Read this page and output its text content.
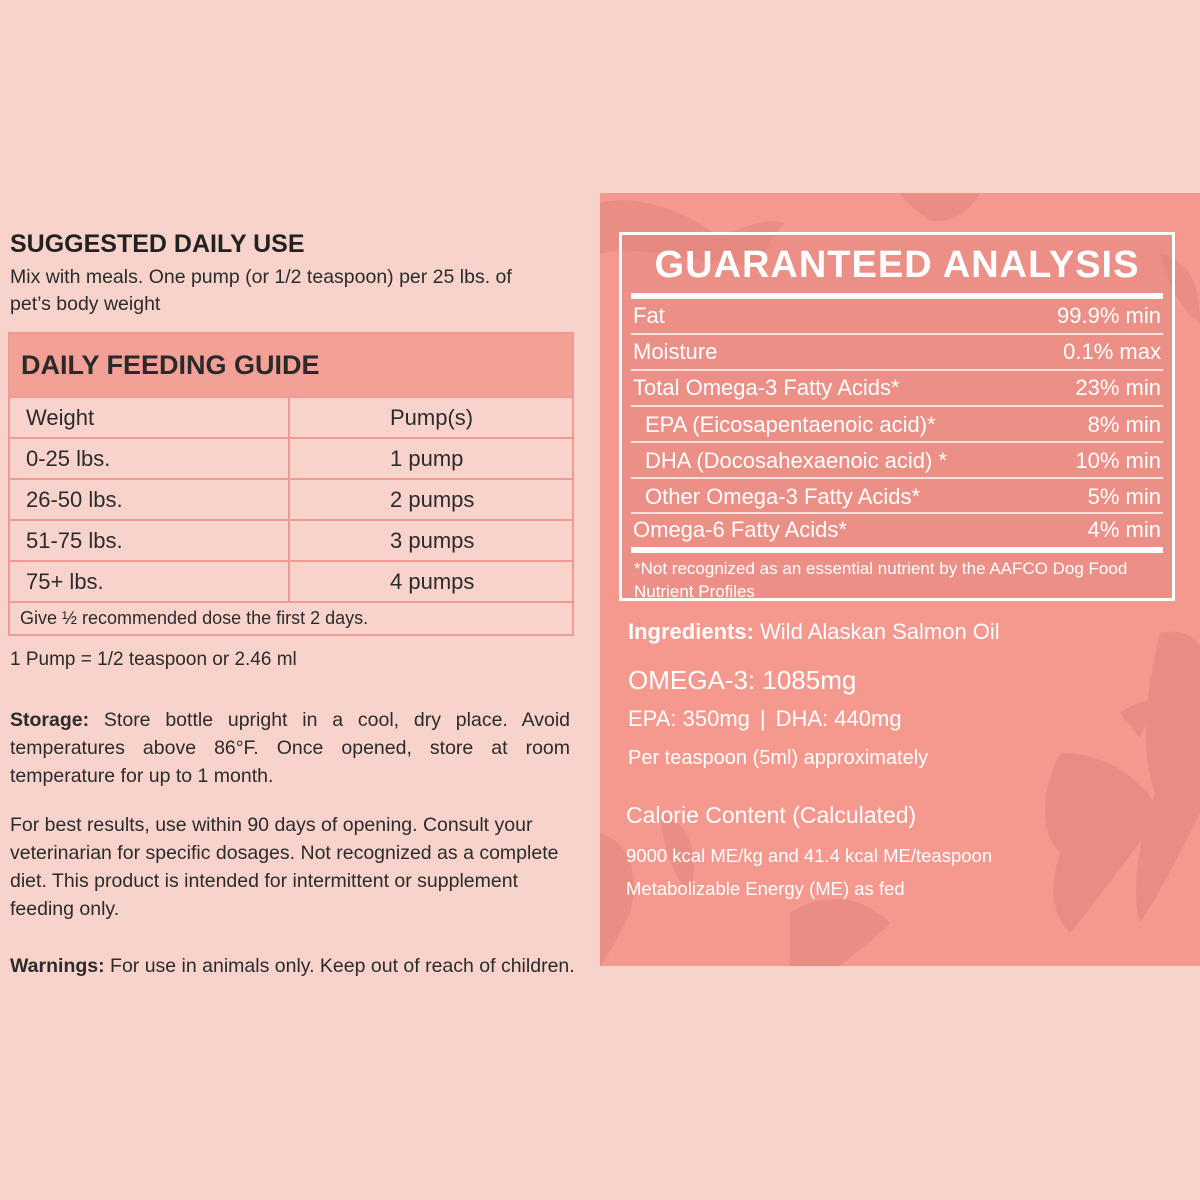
SUGGESTED DAILY USE

Mix with meals. One pump (or 1/2 teaspoon) per 25 lbs. of pet’s body weight

DAILY FEEDING GUIDE
Weight	Pump(s)
0-25 lbs.	1 pump
26-50 lbs.	2 pumps
51-75 lbs.	3 pumps
75+ lbs.	4 pumps
Give ½ recommended dose the first 2 days.	
1 Pump = 1/2 teaspoon or 2.46 ml

Storage: Store bottle upright in a cool, dry place. Avoid temperatures above 86°F. Once opened, store at room temperature for up to 1 month.

For best results, use within 90 days of opening. Consult your veterinarian for specific dosages. Not recognized as a complete diet. This product is intended for intermittent or supplement feeding only.

Warnings: For use in animals only. Keep out of reach of children.

GUARANTEED ANALYSIS
Fat	99.9% min
Moisture	0.1% max
Total Omega-3 Fatty Acids*	23% min
EPA (Eicosapentaenoic acid)*	8% min
DHA (Docosahexaenoic acid) *	10% min
Other Omega-3 Fatty Acids*	5% min
Omega-6 Fatty Acids*	4% min
*Not recognized as an essential nutrient by the AAFCO Dog Food Nutrient Profiles
Ingredients: Wild Alaskan Salmon Oil
OMEGA-3: 1085mg
EPA: 350mg | DHA: 440mg
Per teaspoon (5ml) approximately
Calorie Content (Calculated)
9000 kcal ME/kg and 41.4 kcal ME/teaspoon
Metabolizable Energy (ME) as fed
